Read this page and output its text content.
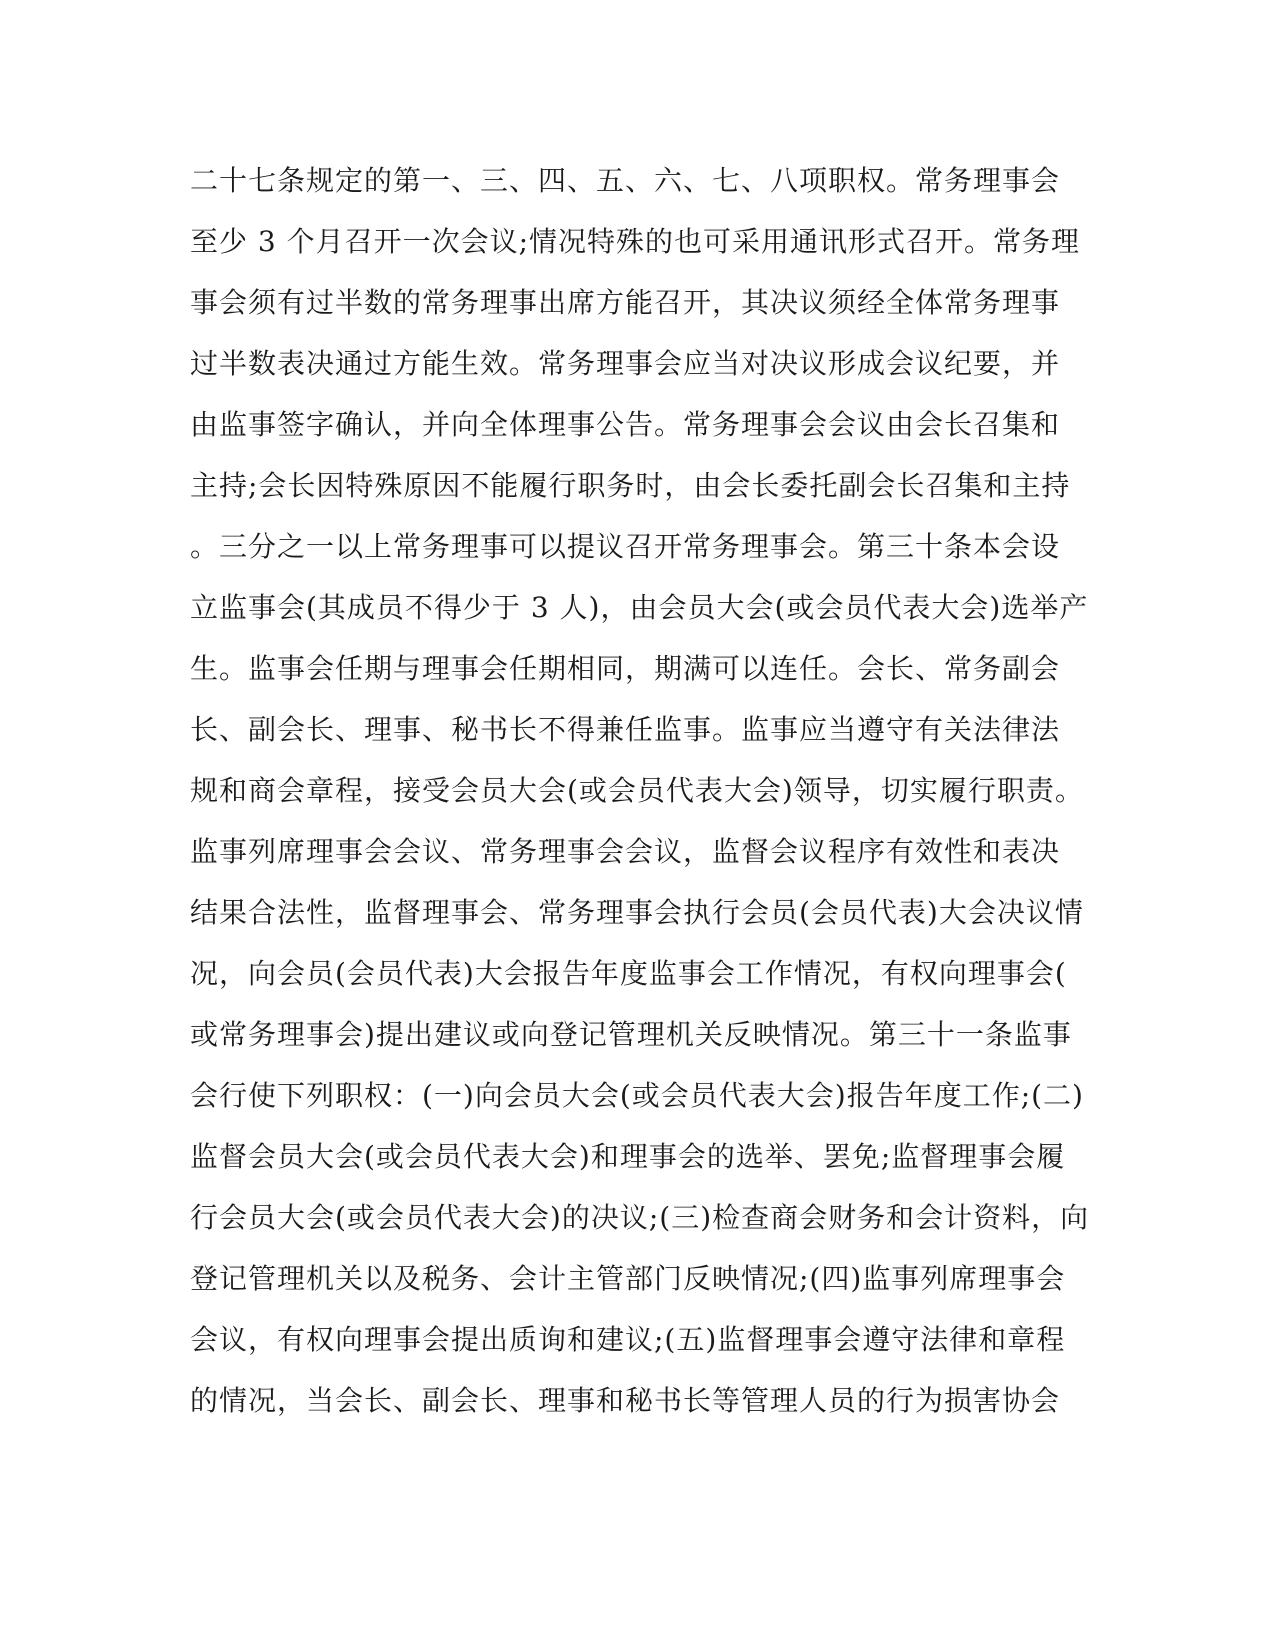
二十七条规定的第一、三、四、五、六、七、八项职权。常务理事会
至少 3 个月召开一次会议;情况特殊的也可采用通讯形式召开。常务理
事会须有过半数的常务理事出席方能召开，其决议须经全体常务理事
过半数表决通过方能生效。常务理事会应当对决议形成会议纪要，并
由监事签字确认，并向全体理事公告。常务理事会会议由会长召集和
主持;会长因特殊原因不能履行职务时，由会长委托副会长召集和主持
。三分之一以上常务理事可以提议召开常务理事会。第三十条本会设
立监事会(其成员不得少于 3 人)，由会员大会(或会员代表大会)选举产
生。监事会任期与理事会任期相同，期满可以连任。会长、常务副会
长、副会长、理事、秘书长不得兼任监事。监事应当遵守有关法律法
规和商会章程，接受会员大会(或会员代表大会)领导，切实履行职责。
监事列席理事会会议、常务理事会会议，监督会议程序有效性和表决
结果合法性，监督理事会、常务理事会执行会员(会员代表)大会决议情
况，向会员(会员代表)大会报告年度监事会工作情况，有权向理事会(
或常务理事会)提出建议或向登记管理机关反映情况。第三十一条监事
会行使下列职权：(一)向会员大会(或会员代表大会)报告年度工作;(二)
监督会员大会(或会员代表大会)和理事会的选举、罢免;监督理事会履
行会员大会(或会员代表大会)的决议;(三)检查商会财务和会计资料，向
登记管理机关以及税务、会计主管部门反映情况;(四)监事列席理事会
会议，有权向理事会提出质询和建议;(五)监督理事会遵守法律和章程
的情况，当会长、副会长、理事和秘书长等管理人员的行为损害协会
